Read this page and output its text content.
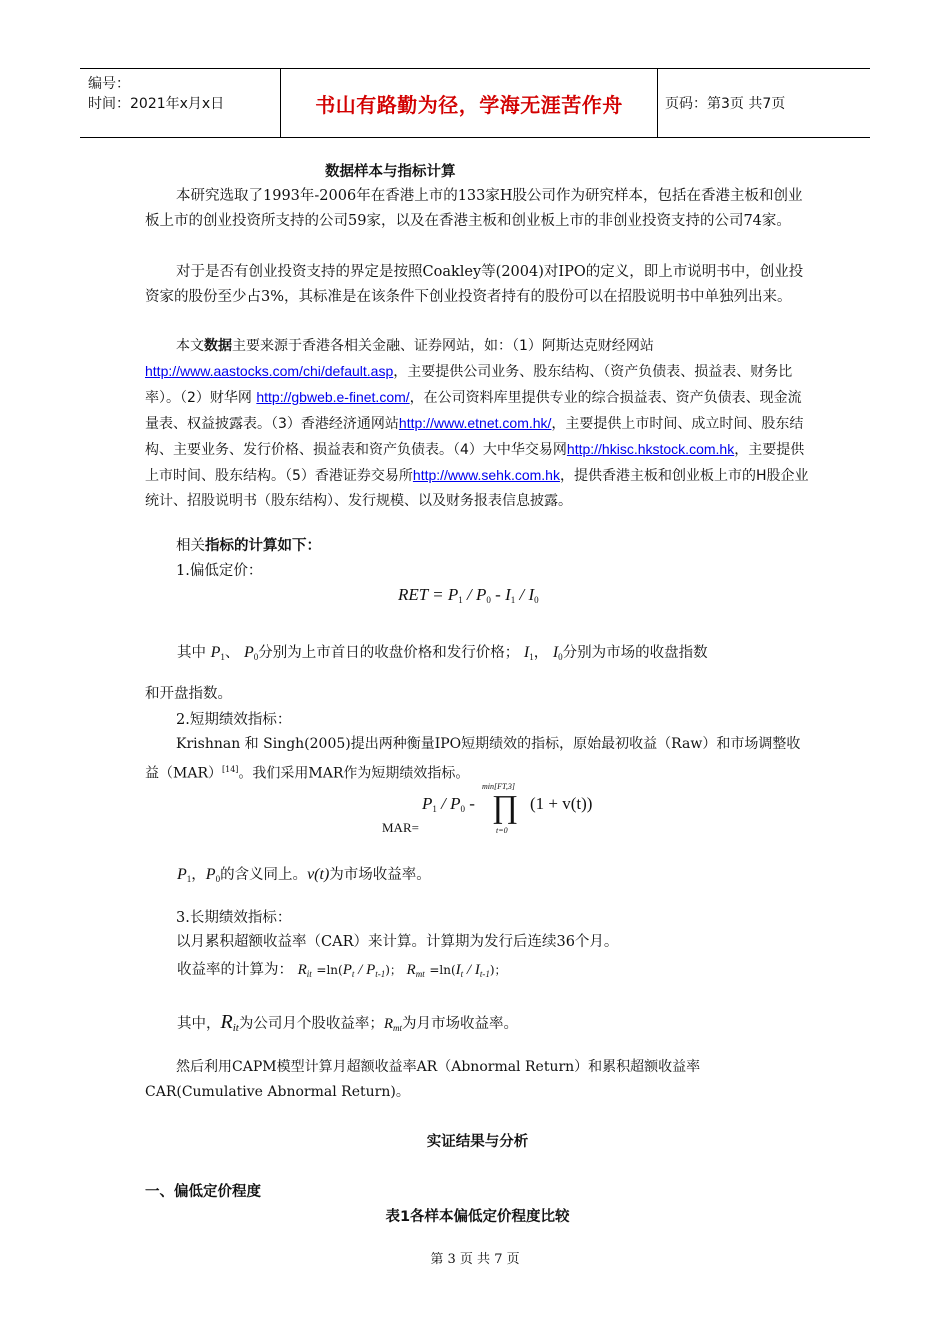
编号：
时间：2021年x月x日	书山有路勤为径，学海无涯苦作舟	页码：第3页 共7页
数据样本与指标计算
本研究选取了1993年-2006年在香港上市的133家H股公司作为研究样本，包括在香港主板和创业板上市的创业投资所支持的公司59家，以及在香港主板和创业板上市的非创业投资支持的公司74家。
对于是否有创业投资支持的界定是按照Coakley等(2004)对IPO的定义，即上市说明书中，创业投资家的股份至少占3%，其标准是在该条件下创业投资者持有的股份可以在招股说明书中单独列出来。
本文数据主要来源于香港各相关金融、证券网站，如：（1）阿斯达克财经网站 http://www.aastocks.com/chi/default.asp，主要提供公司业务、股东结构、（资产负债表、损益表、财务比率）。（2）财华网 http://gbweb.e-finet.com/，在公司资料库里提供专业的综合损益表、资产负债表、现金流量表、权益披露表。（3）香港经济通网站http://www.etnet.com.hk/，主要提供上市时间、成立时间、股东结构、主要业务、发行价格、损益表和资产负债表。（4）大中华交易网http://hkisc.hkstock.com.hk，主要提供上市时间、股东结构。（5）香港证券交易所http://www.sehk.com.hk，提供香港主板和创业板上市的H股企业统计、招股说明书（股东结构）、发行规模、以及财务报表信息披露。
相关指标的计算如下：
1.偏低定价：
RET = $P_1 / P_0 - I_1 / I_0$
其中 $P_1$、 $P_0$分别为上市首日的收盘价格和发行价格； $I_1$， $I_0$分别为市场的收盘指数
和开盘指数。
2.短期绩效指标：
Krishnan 和 Singh(2005)提出两种衡量IPO短期绩效的指标，原始最初收益（Raw）和市场调整收益（MAR）[14]。我们采用MAR作为短期绩效指标。
MAR=
$P_1 / P_0$ -
min[FT,3]
∏
t=0
(1 + v(t))
$P_1$，$P_0$的含义同上。v(t)为市场收益率。
3.长期绩效指标：
以月累积超额收益率（CAR）来计算。计算期为发行后连续36个月。
收益率的计算为： $R_{it} =\ln(P_t / P_{t-1})$； $R_{mt} =\ln(I_t / I_{t-1})$；
其中，$R_{it}$为公司月个股收益率；$R_{mt}$为月市场收益率。
然后利用CAPM模型计算月超额收益率AR（Abnormal Return）和累积超额收益率CAR(Cumulative Abnormal Return)。
实证结果与分析
一、偏低定价程度
表1各样本偏低定价程度比较
第 3 页 共 7 页
